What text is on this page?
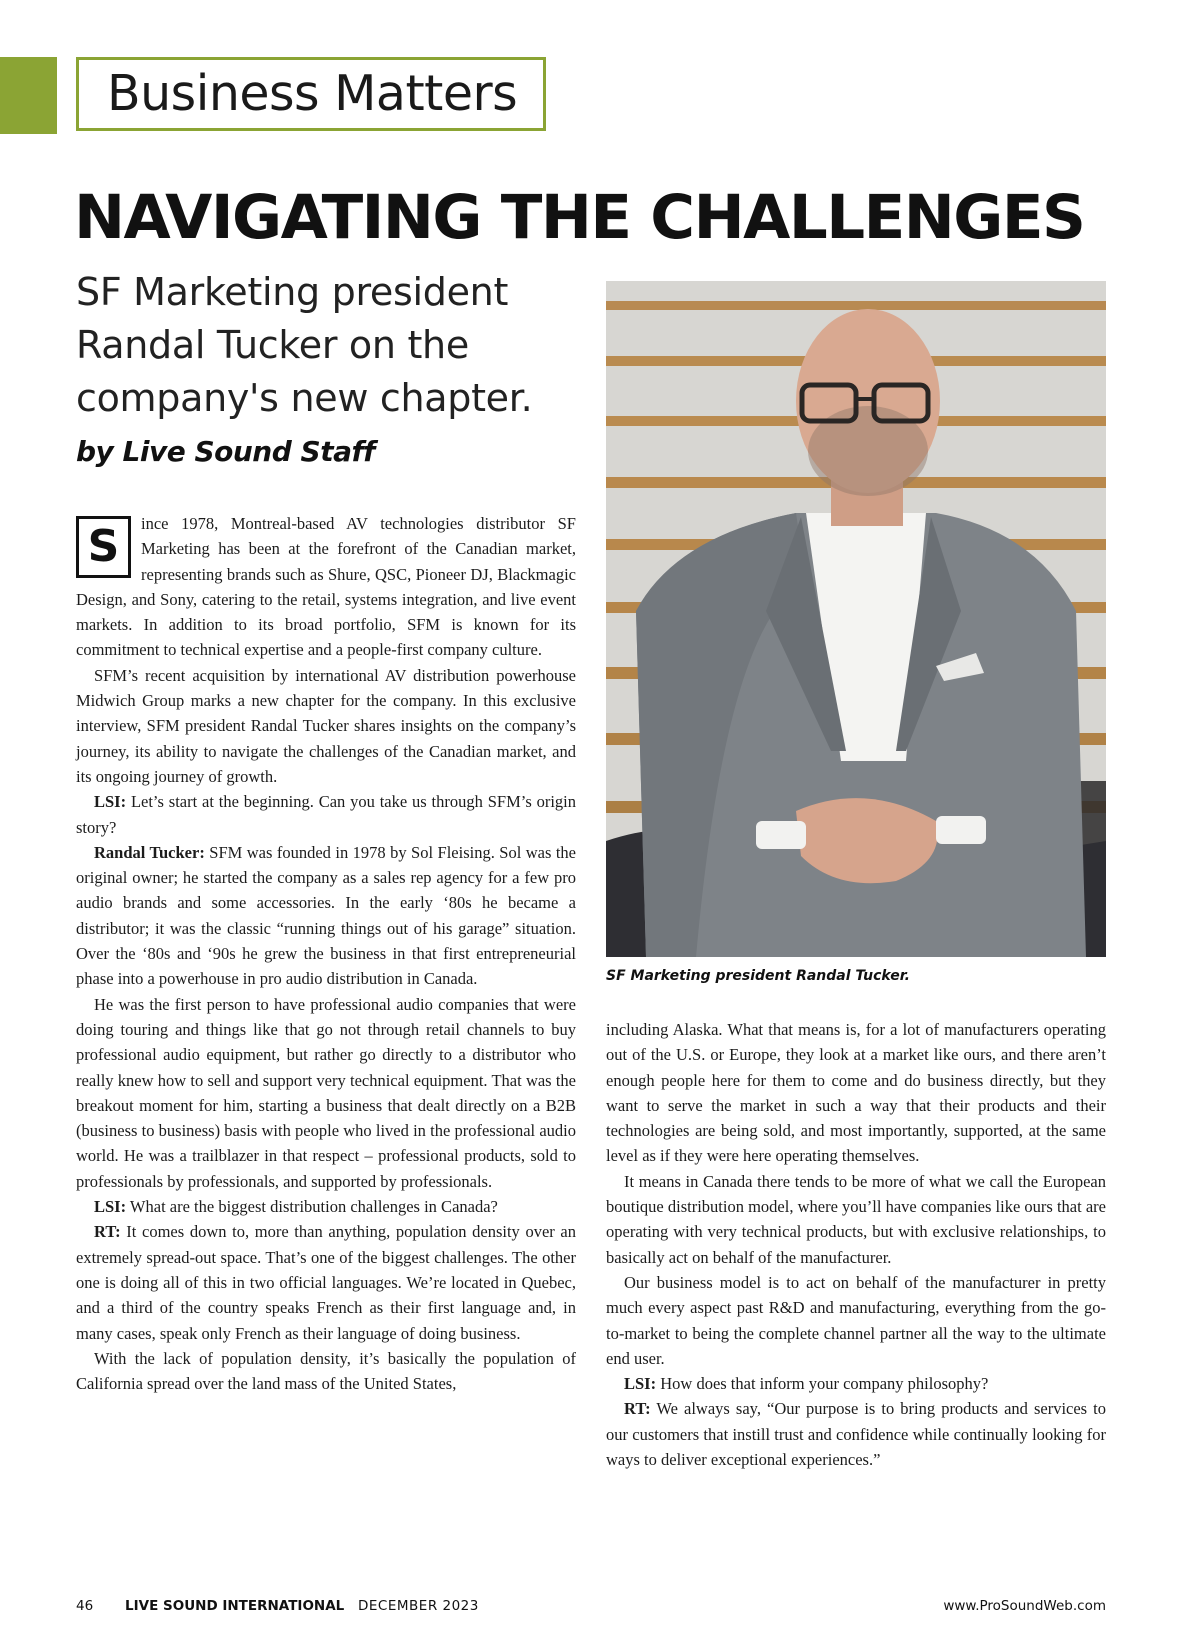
Business Matters
NAVIGATING THE CHALLENGES
SF Marketing president Randal Tucker on the company's new chapter.
by Live Sound Staff

S	ince 1978, Montreal-based AV technologies distributor SF Marketing has been at the forefront of the Canadian market, representing brands such as Shure, QSC, Pioneer DJ, Blackmagic Design, and Sony, catering to the retail, systems integration, and live event markets. In addition to its broad portfolio, SFM is known for its commitment to technical expertise and a people-first company culture.

SFM’s recent acquisition by international AV distribution powerhouse Midwich Group marks a new chapter for the company. In this exclusive interview, SFM president Randal Tucker shares insights on the company’s journey, its ability to navigate the challenges of the Canadian market, and its ongoing journey of growth.

LSI: Let’s start at the beginning. Can you take us through SFM’s origin story?

Randal Tucker: SFM was founded in 1978 by Sol Fleising. Sol was the original owner; he started the company as a sales rep agency for a few pro audio brands and some accessories. In the early ‘80s he became a distributor; it was the classic “running things out of his garage” situation. Over the ‘80s and ‘90s he grew the business in that first entrepreneurial phase into a powerhouse in pro audio distribution in Canada.

He was the first person to have professional audio companies that were doing touring and things like that go not through retail channels to buy professional audio equipment, but rather go directly to a distributor who really knew how to sell and support very technical equipment. That was the breakout moment for him, starting a business that dealt directly on a B2B (business to business) basis with people who lived in the professional audio world. He was a trailblazer in that respect – professional products, sold to professionals by professionals, and supported by professionals.

LSI: What are the biggest distribution challenges in Canada?

RT: It comes down to, more than anything, population density over an extremely spread-out space. That’s one of the biggest challenges. The other one is doing all of this in two official languages. We’re located in Quebec, and a third of the country speaks French as their first language and, in many cases, speak only French as their language of doing business.

With the lack of population density, it’s basically the population of California spread over the land mass of the United States,

SF Marketing president Randal Tucker.

including Alaska. What that means is, for a lot of manufacturers operating out of the U.S. or Europe, they look at a market like ours, and there aren’t enough people here for them to come and do business directly, but they want to serve the market in such a way that their products and their technologies are being sold, and most importantly, supported, at the same level as if they were here operating themselves.

It means in Canada there tends to be more of what we call the European boutique distribution model, where you’ll have companies like ours that are operating with very technical products, but with exclusive relationships, to basically act on behalf of the manufacturer.

Our business model is to act on behalf of the manufacturer in pretty much every aspect past R&D and manufacturing, everything from the go-to-market to being the complete channel partner all the way to the ultimate end user.

LSI: How does that inform your company philosophy?

RT: We always say, “Our purpose is to bring products and services to our customers that instill trust and confidence while continually looking for ways to deliver exceptional experiences.”

46 LIVE SOUND INTERNATIONAL DECEMBER 2023	www.ProSoundWeb.com
